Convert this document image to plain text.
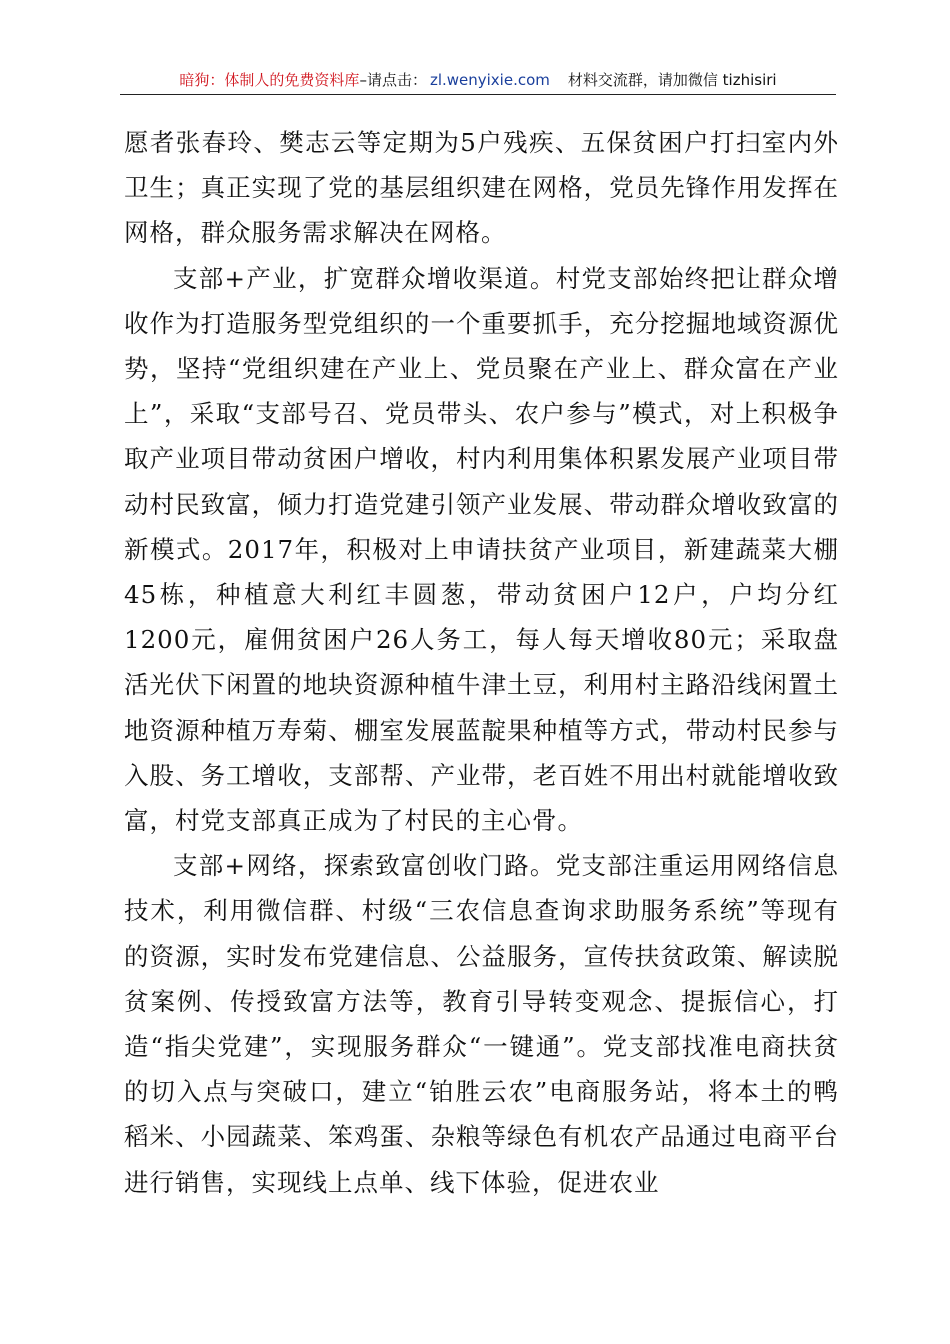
暗狗：体制人的免费资料库–请点击： zl.wenyixie.com 材料交流群，请加微信 tizhisiri

愿者张春玲、樊志云等定期为5户残疾、五保贫困户打扫室内外卫生；真正实现了党的基层组织建在网格，党员先锋作用发挥在网格，群众服务需求解决在网格。

支部+产业，扩宽群众增收渠道。村党支部始终把让群众增收作为打造服务型党组织的一个重要抓手，充分挖掘地域资源优势，坚持“党组织建在产业上、党员聚在产业上、群众富在产业上”，采取“支部号召、党员带头、农户参与”模式，对上积极争取产业项目带动贫困户增收，村内利用集体积累发展产业项目带动村民致富，倾力打造党建引领产业发展、带动群众增收致富的新模式。2017年，积极对上申请扶贫产业项目，新建蔬菜大棚45栋，种植意大利红丰圆葱，带动贫困户12户，户均分红1200元，雇佣贫困户26人务工，每人每天增收80元；采取盘活光伏下闲置的地块资源种植牛津土豆，利用村主路沿线闲置土地资源种植万寿菊、棚室发展蓝靛果种植等方式，带动村民参与入股、务工增收，支部帮、产业带，老百姓不用出村就能增收致富，村党支部真正成为了村民的主心骨。

支部+网络，探索致富创收门路。党支部注重运用网络信息技术，利用微信群、村级“三农信息查询求助服务系统”等现有的资源，实时发布党建信息、公益服务，宣传扶贫政策、解读脱贫案例、传授致富方法等，教育引导转变观念、提振信心，打造“指尖党建”，实现服务群众“一键通”。党支部找准电商扶贫的切入点与突破口，建立“铂胜云农”电商服务站，将本土的鸭稻米、小园蔬菜、笨鸡蛋、杂粮等绿色有机农产品通过电商平台进行销售，实现线上点单、线下体验，促进农业
